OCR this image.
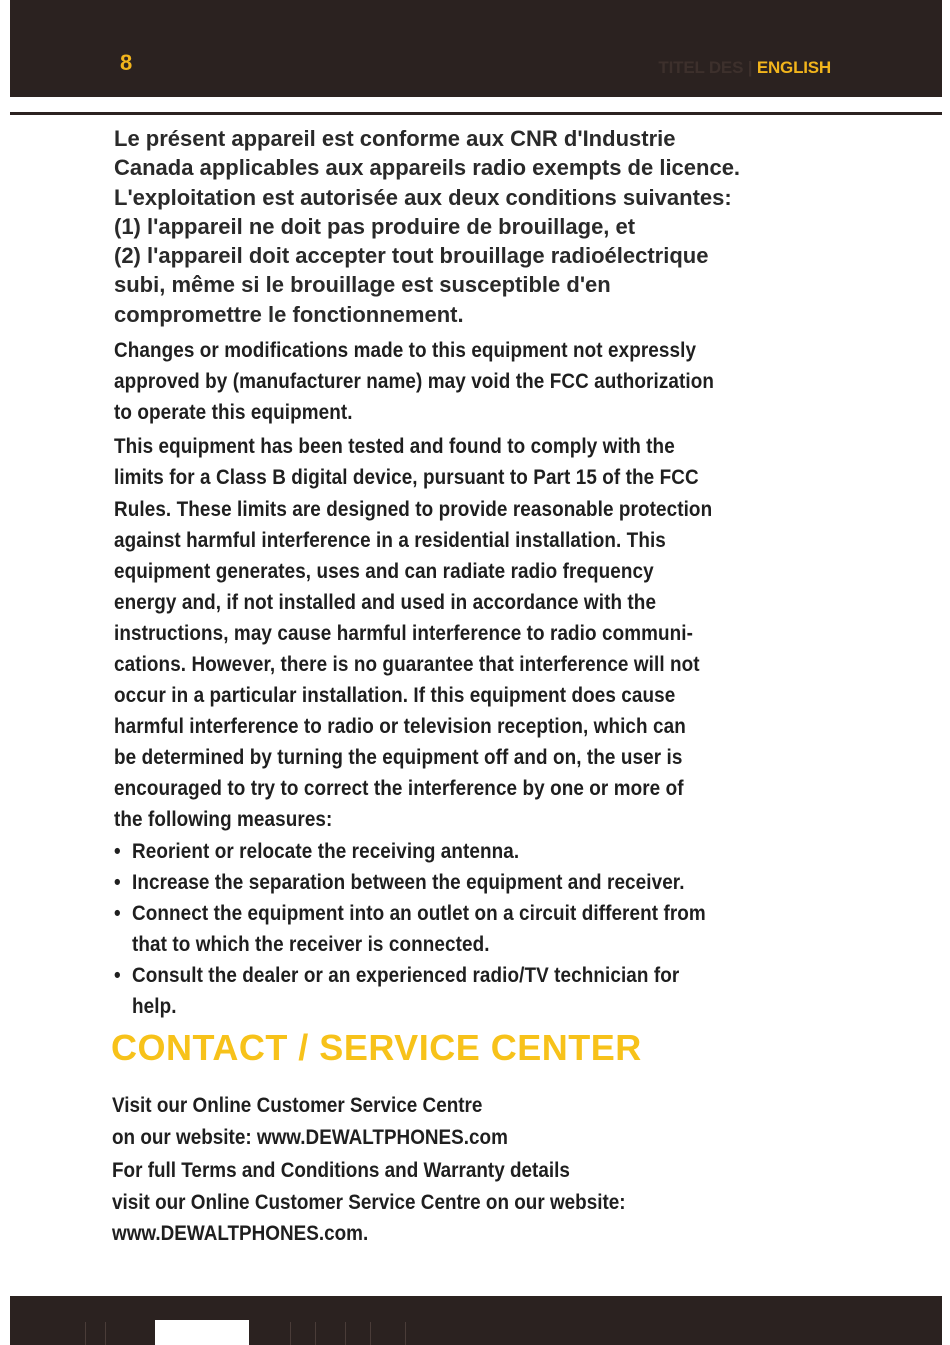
8	TITEL DES | ENGLISH
Le présent appareil est conforme aux CNR d'Industrie
Canada applicables aux appareils radio exempts de licence.
L'exploitation est autorisée aux deux conditions suivantes:
(1) l'appareil ne doit pas produire de brouillage, et
(2) l'appareil doit accepter tout brouillage radioélectrique
subi, même si le brouillage est susceptible d'en
compromettre le fonctionnement.
Changes or modifications made to this equipment not expressly
approved by (manufacturer name) may void the FCC authorization
to operate this equipment.
This equipment has been tested and found to comply with the
limits for a Class B digital device, pursuant to Part 15 of the FCC
Rules. These limits are designed to provide reasonable protection
against harmful interference in a residential installation. This
equipment generates, uses and can radiate radio frequency
energy and, if not installed and used in accordance with the
instructions, may cause harmful interference to radio communi-
cations. However, there is no guarantee that interference will not
occur in a particular installation. If this equipment does cause
harmful interference to radio or television reception, which can
be determined by turning the equipment off and on, the user is
encouraged to try to correct the interference by one or more of
the following measures:
• Reorient or relocate the receiving antenna.
• Increase the separation between the equipment and receiver.
• Connect the equipment into an outlet on a circuit different from
that to which the receiver is connected.
• Consult the dealer or an experienced radio/TV technician for
help.
CONTACT / SERVICE CENTER
Visit our Online Customer Service Centre
on our website: www.DEWALTPHONES.com
For full Terms and Conditions and Warranty details
visit our Online Customer Service Centre on our website:
www.DEWALTPHONES.com.
